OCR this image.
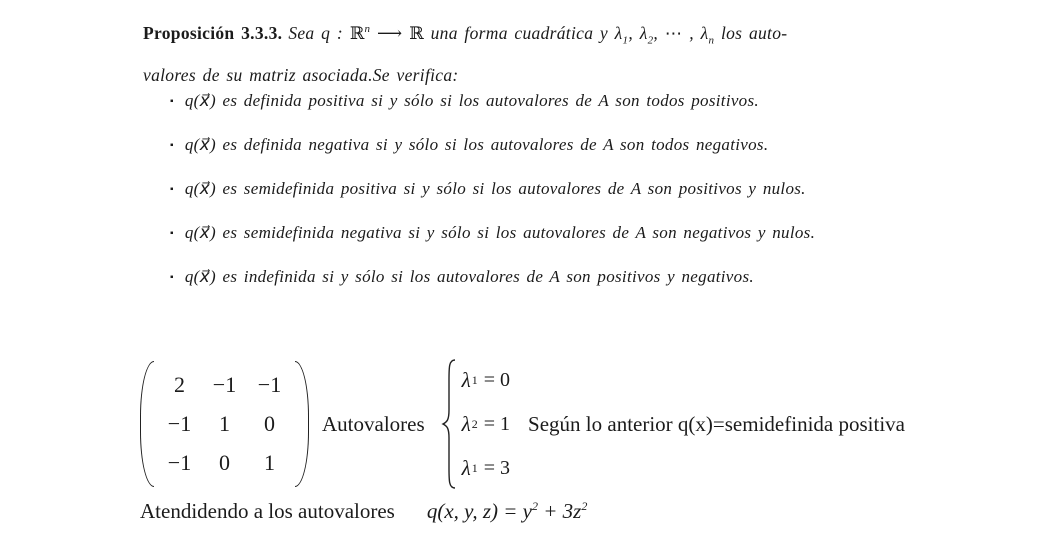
Proposición 3.3.3. Sea q : ℝ$^n$ ⟶ ℝ una forma cuadrática y $\lambda_1$, $\lambda_2$, ⋯ , $\lambda_n$ los auto-

valores de su matriz asociada.Se verifica:

▪ q(x⃗) es definida positiva si y sólo si los autovalores de A son todos positivos.
▪ q(x⃗) es definida negativa si y sólo si los autovalores de A son todos negativos.
▪ q(x⃗) es semidefinida positiva si y sólo si los autovalores de A son positivos y nulos.
▪ q(x⃗) es semidefinida negativa si y sólo si los autovalores de A son negativos y nulos.
▪ q(x⃗) es indefinida si y sólo si los autovalores de A son positivos y negativos.
2	−1 −1
−1	1	0
−1	0	1
Autovalores
λ 1 = 0
λ 2 = 1
λ 1 = 3
Según lo anterior q(x)=semidefinida positiva
Atendidendo a los autovalores q(x, y, $z) = y^2 + 3z^2$
